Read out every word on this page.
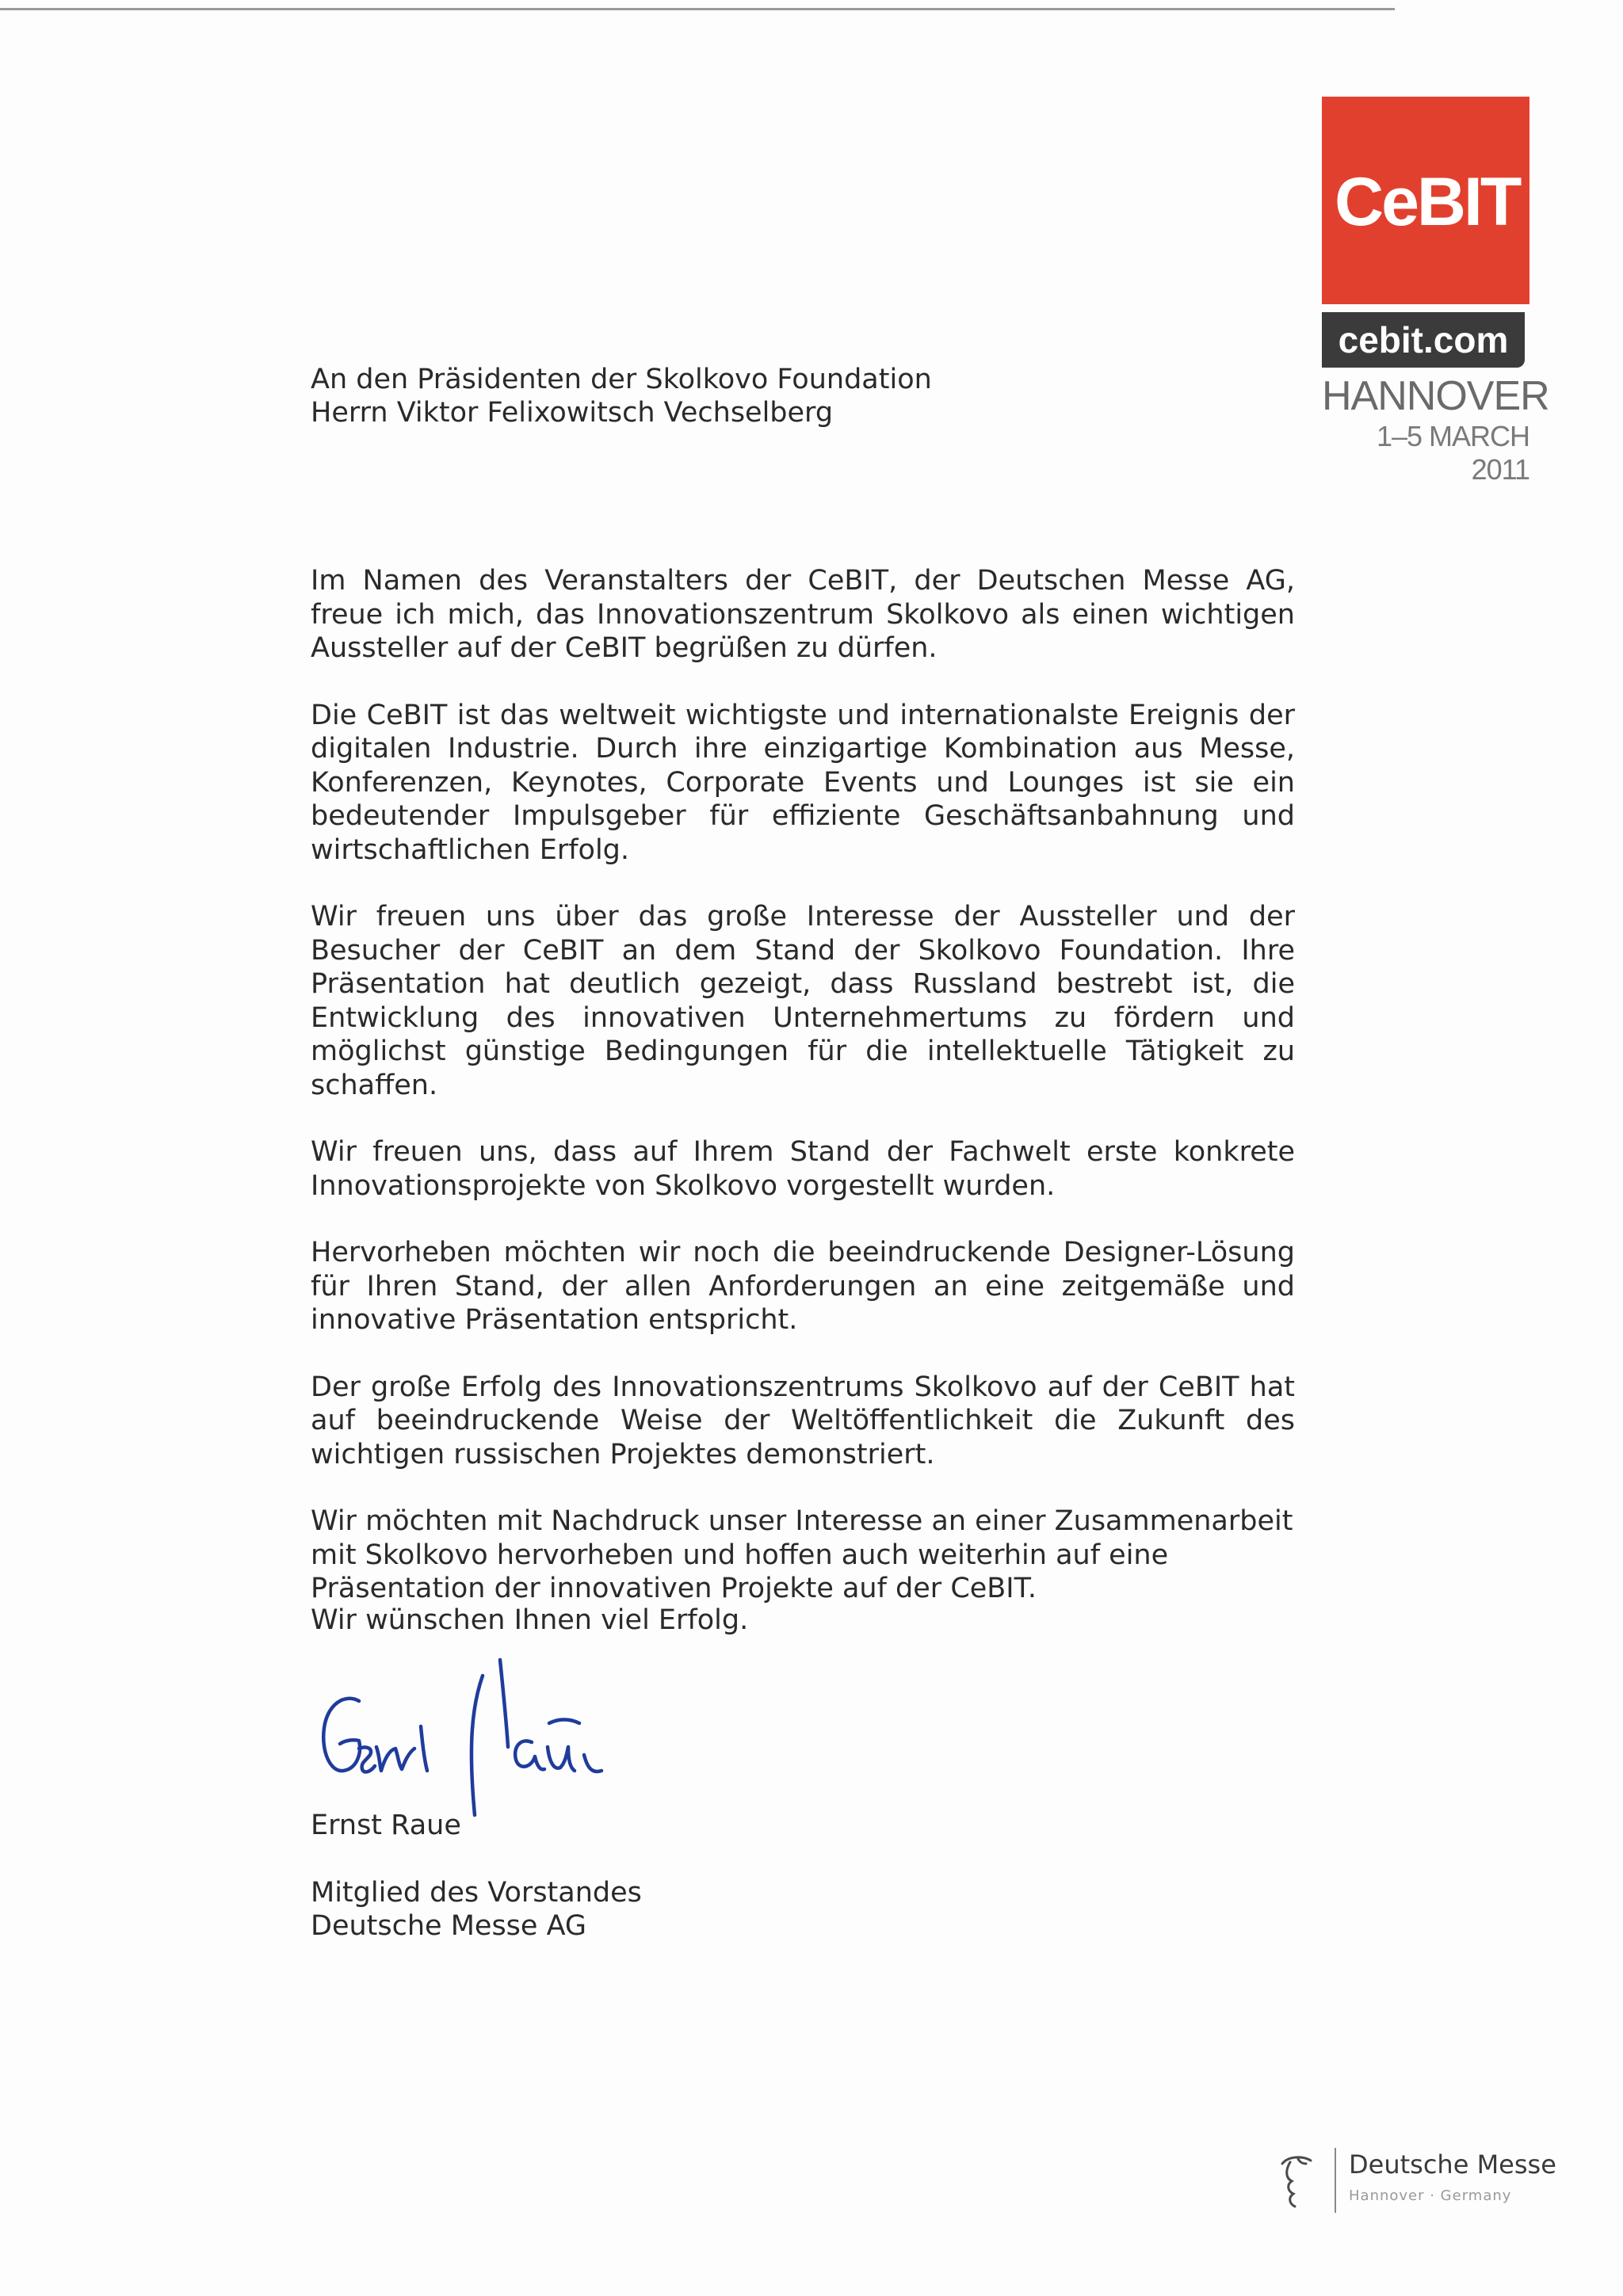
CeBIT
cebit.com
HANNOVER
1–5 MARCH 2011
An den Präsidenten der Skolkovo Foundation
Herrn Viktor Felixowitsch Vechselberg

Im Namen des Veranstalters der CeBIT, der Deutschen Messe AG, freue ich mich, das Innovationszentrum Skolkovo als einen wichtigen Aussteller auf der CeBIT begrüßen zu dürfen.

Die CeBIT ist das weltweit wichtigste und internationalste Ereignis der digitalen Industrie. Durch ihre einzigartige Kombination aus Messe, Konferenzen, Keynotes, Corporate Events und Lounges ist sie ein bedeutender Impulsgeber für effiziente Geschäftsanbahnung und wirtschaftlichen Erfolg.

Wir freuen uns über das große Interesse der Aussteller und der Besucher der CeBIT an dem Stand der Skolkovo Foundation. Ihre Präsentation hat deutlich gezeigt, dass Russland bestrebt ist, die Entwicklung des innovativen Unternehmertums zu fördern und möglichst günstige Bedingungen für die intellektuelle Tätigkeit zu schaffen.

Wir freuen uns, dass auf Ihrem Stand der Fachwelt erste konkrete Innovationsprojekte von Skolkovo vorgestellt wurden.

Hervorheben möchten wir noch die beeindruckende Designer-Lösung für Ihren Stand, der allen Anforderungen an eine zeitgemäße und innovative Präsentation entspricht.

Der große Erfolg des Innovationszentrums Skolkovo auf der CeBIT hat auf beeindruckende Weise der Weltöffentlichkeit die Zukunft des wichtigen russischen Projektes demonstriert.

Wir möchten mit Nachdruck unser Interesse an einer Zusammenarbeit mit Skolkovo hervorheben und hoffen auch weiterhin auf eine Präsentation der innovativen Projekte auf der CeBIT.

Wir wünschen Ihnen viel Erfolg.
Ernst Raue
Mitglied des Vorstandes
Deutsche Messe AG
Deutsche Messe
Hannover · Germany
